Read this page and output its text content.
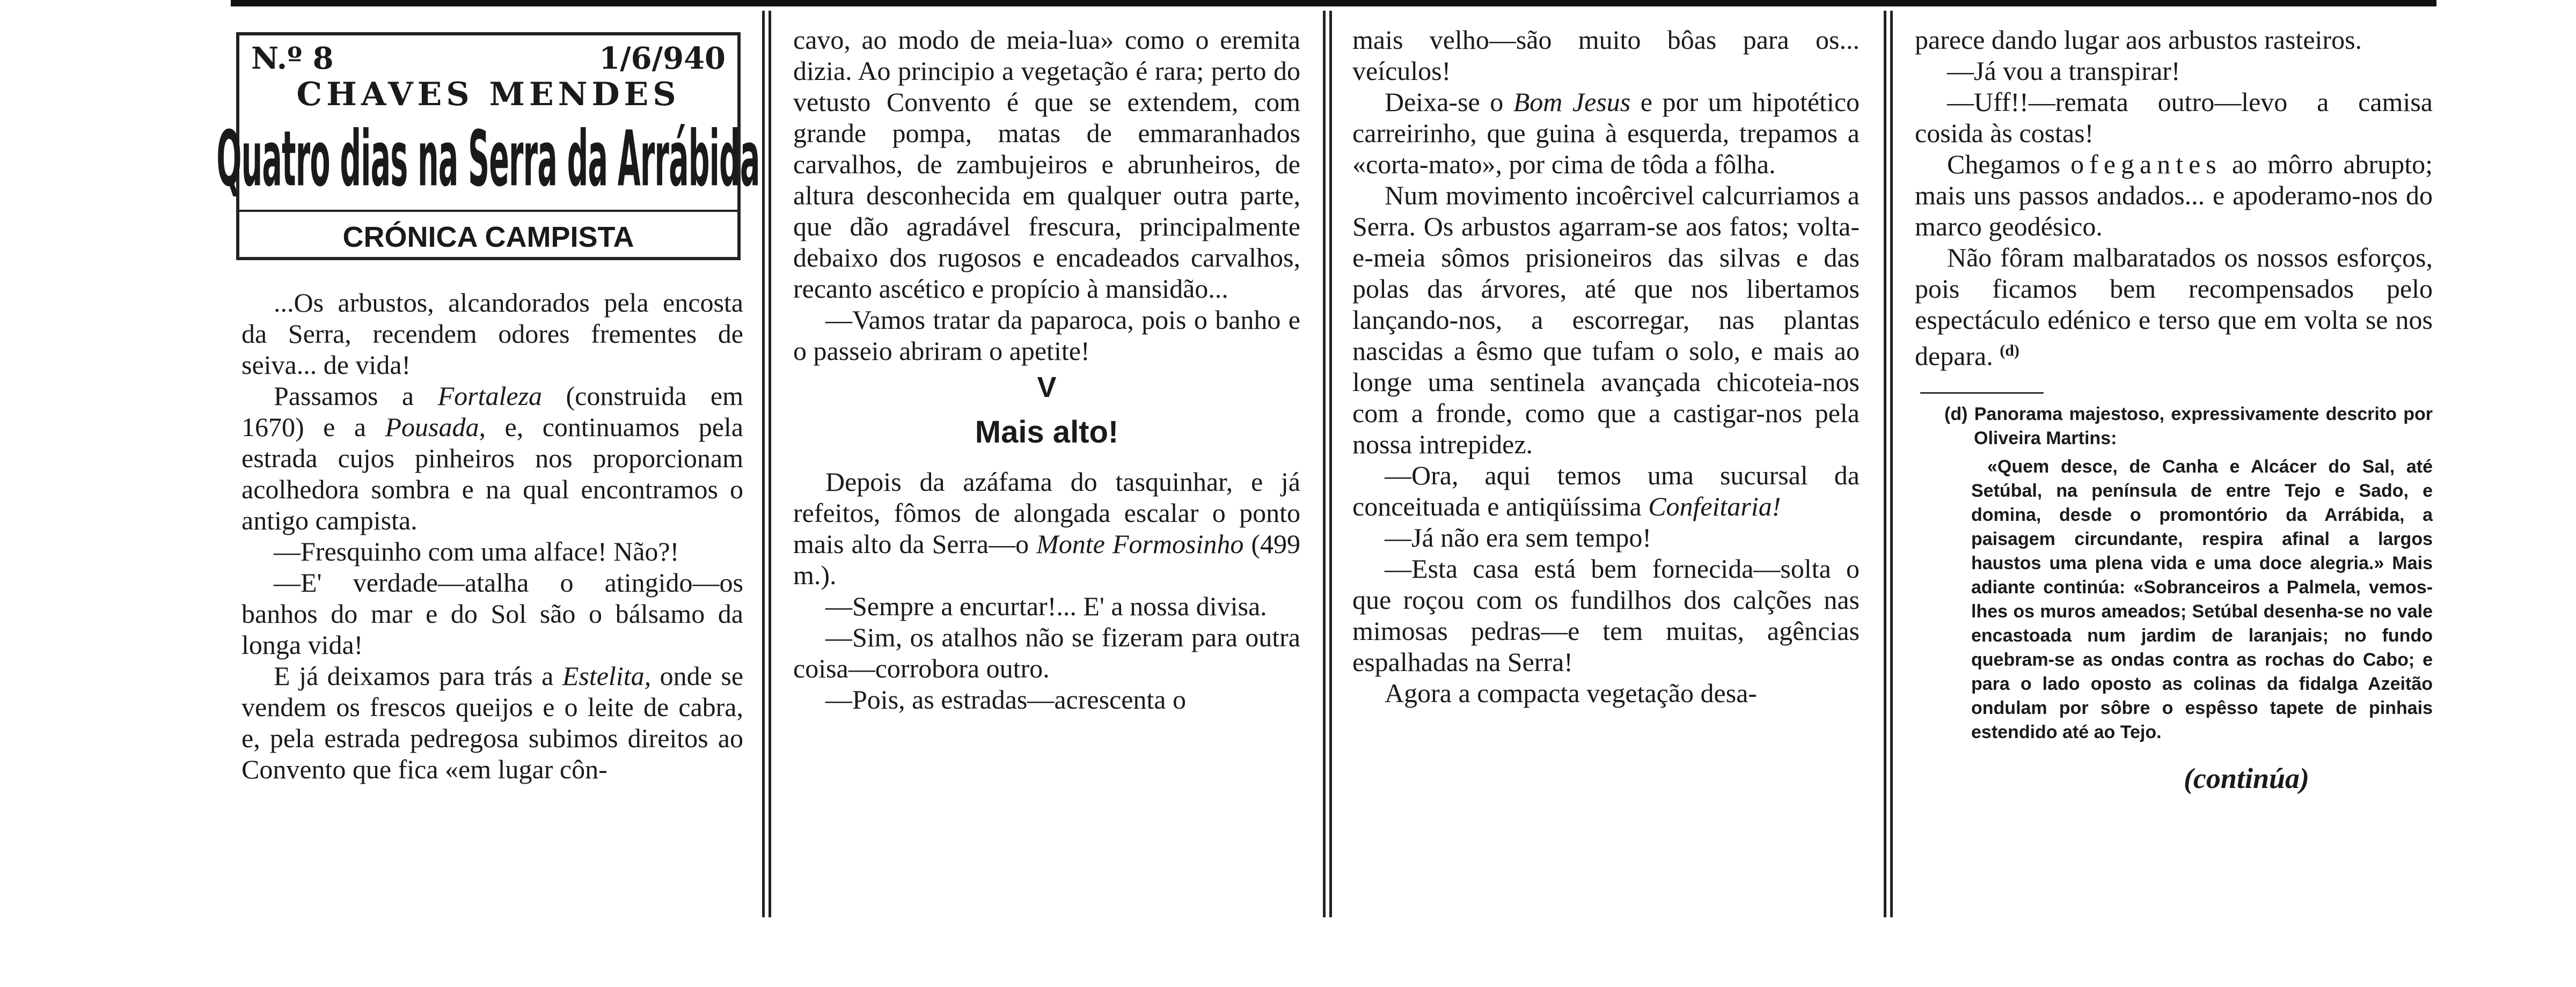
N.º 8	1/6/940
CHAVES MENDES
Quatro dias na Serra da Arrábida
CRÓNICA CAMPISTA

...Os arbustos, alcandorados pela encosta da Serra, recendem odores frementes de seiva... de vida!

Passamos a Fortaleza (construida em 1670) e a Pousada, e, continuamos pela estrada cujos pinheiros nos proporcionam acolhedora sombra e na qual encontramos o antigo campista.

—Fresquinho com uma alface! Não?!

—E' verdade—atalha o atingido—os banhos do mar e do Sol são o bálsamo da longa vida!

E já deixamos para trás a Estelita, onde se vendem os frescos queijos e o leite de cabra, e, pela estrada pedregosa subimos direitos ao Convento que fica «em lugar côn-

cavo, ao modo de meia-lua» como o eremita dizia. Ao principio a vegetação é rara; perto do vetusto Convento é que se extendem, com grande pompa, matas de emmaranhados carvalhos, de zambujeiros e abrunheiros, de altura desconhecida em qualquer outra parte, que dão agradável frescura, principalmente debaixo dos rugosos e encadeados carvalhos, recanto ascético e propício à mansidão...

—Vamos tratar da paparoca, pois o banho e o passeio abriram o apetite!

V
Mais alto!

Depois da azáfama do tasquinhar, e já refeitos, fômos de alongada escalar o ponto mais alto da Serra—o Monte Formosinho (499 m.).

—Sempre a encurtar!... E' a nossa divisa.

—Sim, os atalhos não se fizeram para outra coisa—corrobora outro.

—Pois, as estradas—acrescenta o

mais velho—são muito bôas para os... veículos!

Deixa-se o Bom Jesus e por um hipotético carreirinho, que guina à esquerda, trepamos a «corta-mato», por cima de tôda a fôlha.

Num movimento incoêrcivel calcurriamos a Serra. Os arbustos agarram-se aos fatos; volta-e-meia sômos prisioneiros das silvas e das polas das árvores, até que nos libertamos lançando-nos, a escorregar, nas plantas nascidas a êsmo que tufam o solo, e mais ao longe uma sentinela avançada chicoteia-nos com a fronde, como que a castigar-nos pela nossa intrepidez.

—Ora, aqui temos uma sucursal da conceituada e antiqüíssima Confeitaria!

—Já não era sem tempo!

—Esta casa está bem fornecida—solta o que roçou com os fundilhos dos calções nas mimosas pedras—e tem muitas, agências espalhadas na Serra!

Agora a compacta vegetação desa-

parece dando lugar aos arbustos rasteiros.

—Já vou a transpirar!

—Uff!!—remata outro—levo a camisa cosida às costas!

Chegamos ofegantes ao môrro abrupto; mais uns passos andados... e apoderamo-nos do marco geodésico.

Não fôram malbaratados os nossos esforços, pois ficamos bem recompensados pelo espectáculo edénico e terso que em volta se nos depara. $^{(d)}$

(d) Panorama majestoso, expressivamente descrito por Oliveira Martins:

«Quem desce, de Canha e Alcácer do Sal, até Setúbal, na península de entre Tejo e Sado, e domina, desde o promontório da Arrábida, a paisagem circundante, respira afinal a largos haustos uma plena vida e uma doce alegria.» Mais adiante continúa: «Sobranceiros a Palmela, vemos-lhes os muros ameados; Setúbal desenha-se no vale encastoada num jardim de laranjais; no fundo quebram-se as ondas contra as rochas do Cabo; e para o lado oposto as colinas da fidalga Azeitão ondulam por sôbre o espêsso tapete de pinhais estendido até ao Tejo.

(continúa)
